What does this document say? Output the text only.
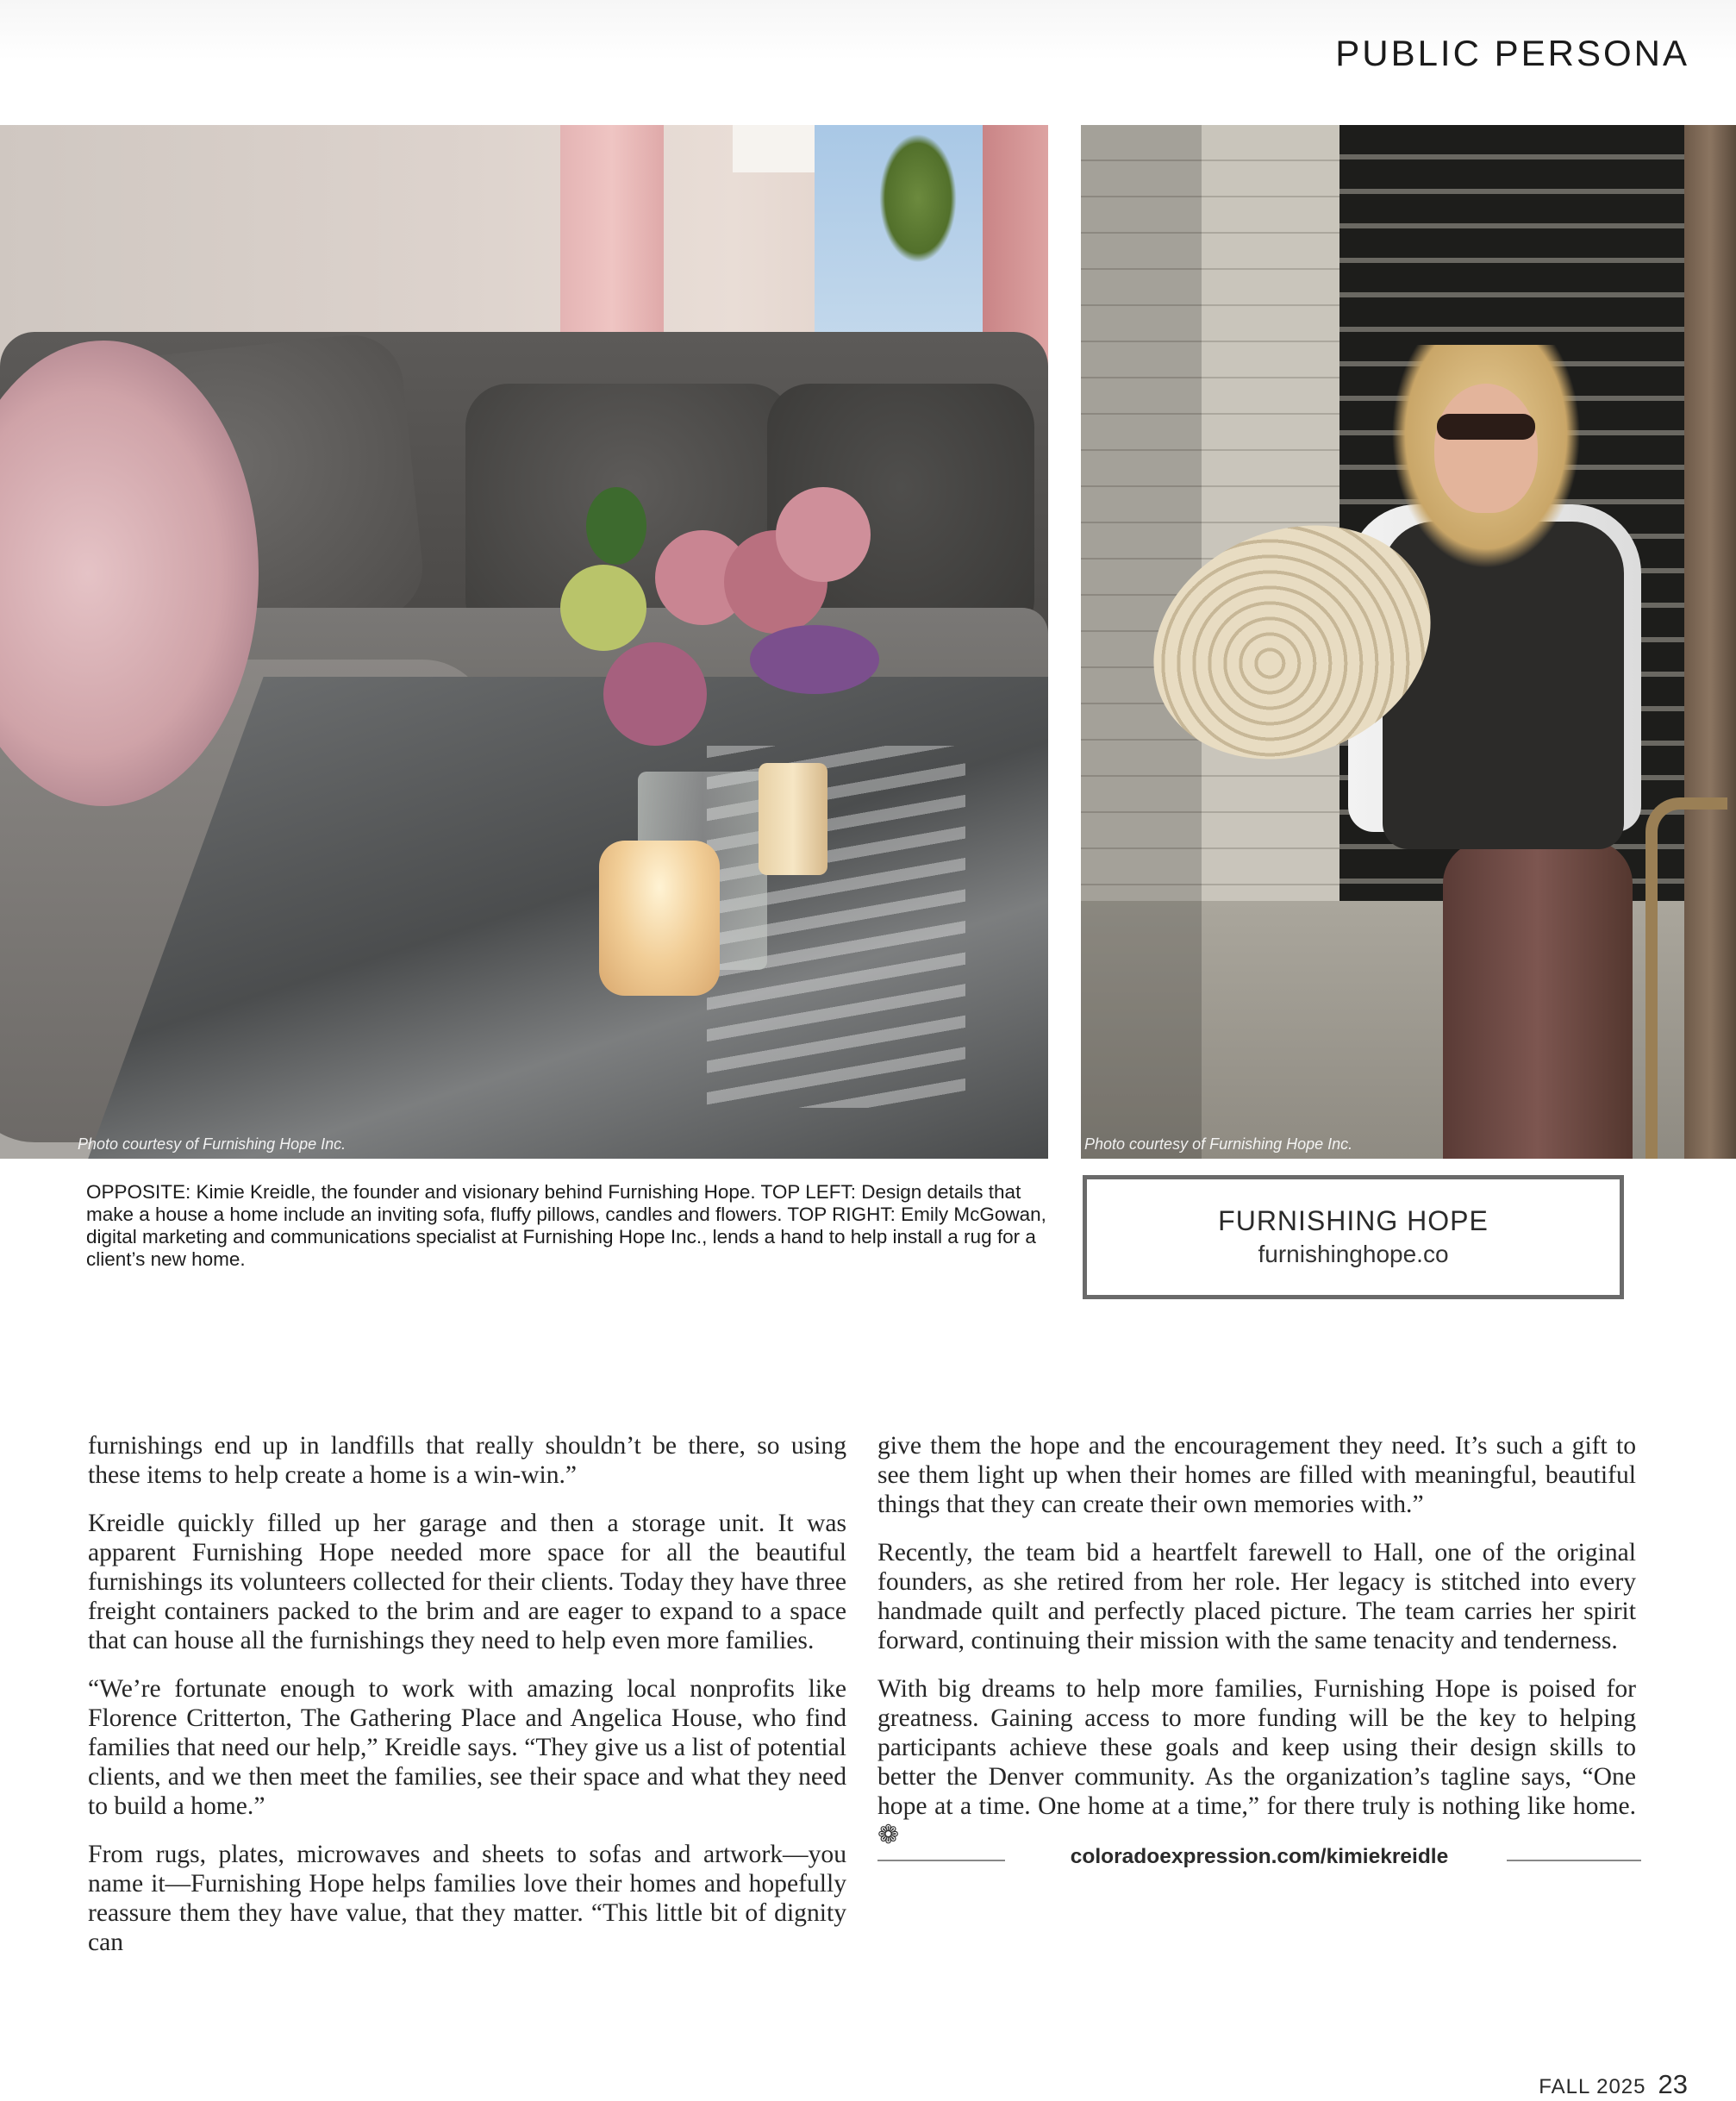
PUBLIC PERSONA
Photo courtesy of Furnishing Hope Inc.	Photo courtesy of Furnishing Hope Inc.
OPPOSITE: Kimie Kreidle, the founder and visionary behind Furnishing Hope. TOP LEFT: Design details that make a house a home include an inviting sofa, fluffy pillows, candles and flowers. TOP RIGHT: Emily McGowan, digital marketing and communications specialist at Furnishing Hope Inc., lends a hand to help install a rug for a client’s new home.
FURNISHING HOPE
furnishinghope.co

furnishings end up in landfills that really shouldn’t be there, so using these items to help create a home is a win-win.”

Kreidle quickly filled up her garage and then a storage unit. It was apparent Furnishing Hope needed more space for all the beautiful furnishings its volunteers collected for their clients. Today they have three freight containers packed to the brim and are eager to expand to a space that can house all the furnishings they need to help even more families.

“We’re fortunate enough to work with amazing local nonprofits like Florence Critterton, The Gathering Place and Angelica House, who find families that need our help,” Kreidle says. “They give us a list of potential clients, and we then meet the families, see their space and what they need to build a home.”

From rugs, plates, microwaves and sheets to sofas and artwork—you name it—Furnishing Hope helps families love their homes and hopefully reassure them they have value, that they matter. “This little bit of dignity can

give them the hope and the encouragement they need. It’s such a gift to see them light up when their homes are filled with meaningful, beautiful things that they can create their own memories with.”

Recently, the team bid a heartfelt farewell to Hall, one of the original founders, as she retired from her role. Her legacy is stitched into every handmade quilt and perfectly placed picture. The team carries her spirit forward, continuing their mission with the same tenacity and tenderness.

With big dreams to help more families, Furnishing Hope is poised for greatness. Gaining access to more funding will be the key to helping participants achieve these goals and keep using their design skills to better the Denver community. As the organization’s tagline says, “One hope at a time. One home at a time,” for there truly is nothing like home. ❁

coloradoexpression.com/kimiekreidle
FALL 2025 23
